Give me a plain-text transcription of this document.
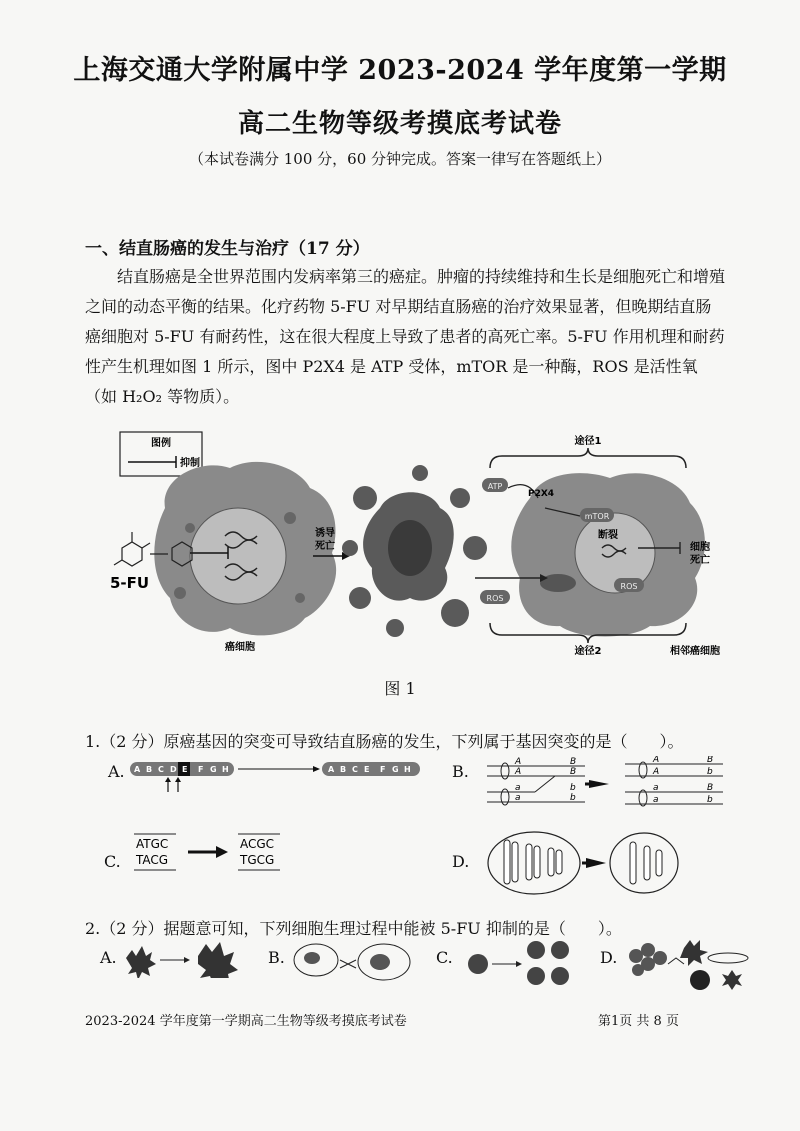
上海交通大学附属中学 2023-2024 学年度第一学期
高二生物等级考摸底考试卷
（本试卷满分 100 分，60 分钟完成。答案一律写在答题纸上）
一、结直肠癌的发生与治疗（17 分）

结直肠癌是全世界范围内发病率第三的癌症。肿瘤的持续维持和生长是细胞死亡和增殖之间的动态平衡的结果。化疗药物 5-FU 对早期结直肠癌的治疗效果显著，但晚期结直肠癌细胞对 5-FU 有耐药性，这在很大程度上导致了患者的高死亡率。5-FU 作用机理和耐药性产生机理如图 1 所示，图中 P2X4 是 ATP 受体，mTOR 是一种酶，ROS 是活性氧（如 H₂O₂ 等物质）。

图例
抑制
癌细胞
5-FU
诱导
死亡
途径1
ATP
P2X4
mTOR
断裂
ROS
ROS
细胞
死亡
途径2	相邻癌细胞
图 1
1.（2 分）原癌基因的突变可导致结直肠癌的发生，下列属于基因突变的是（　　）。
A. A B C D E F G H	A B C E F G H	B.	A	B
A	B
a	b
a	b
A	B
A	b
a	B
a	b
C.
ATGC
TACG
ACGC
TGCG	D.
2.（2 分）据题意可知，下列细胞生理过程中能被 5-FU 抑制的是（　　）。
A.	B.	C.	D.
2023-2024 学年度第一学期高二生物等级考摸底考试卷	第1页 共 8 页
